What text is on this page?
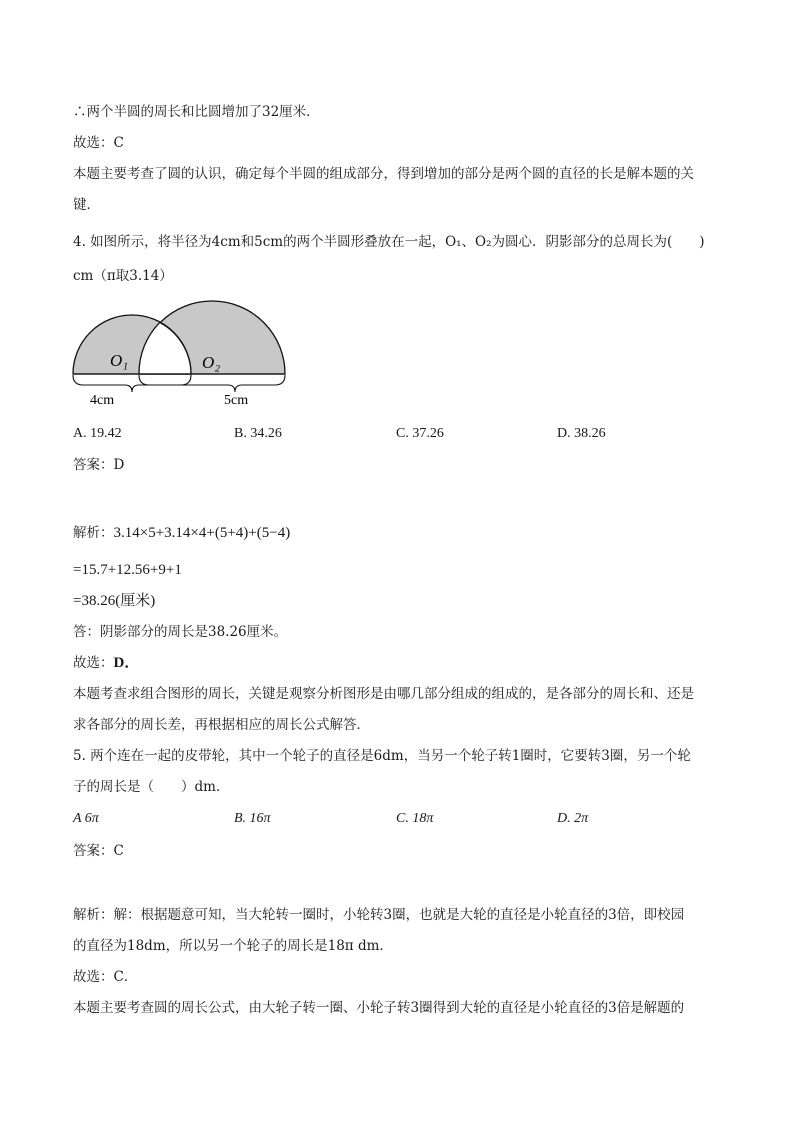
∴两个半圆的周长和比圆增加了32厘米．
故选：C
本题主要考查了圆的认识，确定每个半圆的组成部分，得到增加的部分是两个圆的直径的长是解本题的关
键．
4. 如图所示，将半径为4cm和5cm的两个半圆形叠放在一起，O₁、O₂为圆心．阴影部分的总周长为(　　)
cm（π取3.14）
O₁	O₂
4cm	5cm
A. 19.42	B. 34.26	C. 37.26	D. 38.26
答案：D
解析：3.14×5+3.14×4+(5+4)+(5−4)
=15.7+12.56+9+1
=38.26(厘米)
答：阴影部分的周长是38.26厘米。
故选：D．
本题考查求组合图形的周长，关键是观察分析图形是由哪几部分组成的组成的，是各部分的周长和、还是
求各部分的周长差，再根据相应的周长公式解答．
5. 两个连在一起的皮带轮，其中一个轮子的直径是6dm，当另一个轮子转1圈时，它要转3圈，另一个轮
子的周长是（　　）dm．
A 6π	B. 16π	C. 18π	D. 2π
答案：C
解析：解：根据题意可知，当大轮转一圈时，小轮转3圈，也就是大轮的直径是小轮直径的3倍，即校园
的直径为18dm，所以另一个轮子的周长是18π dm．
故选：C．
本题主要考查圆的周长公式，由大轮子转一圈、小轮子转3圈得到大轮的直径是小轮直径的3倍是解题的
